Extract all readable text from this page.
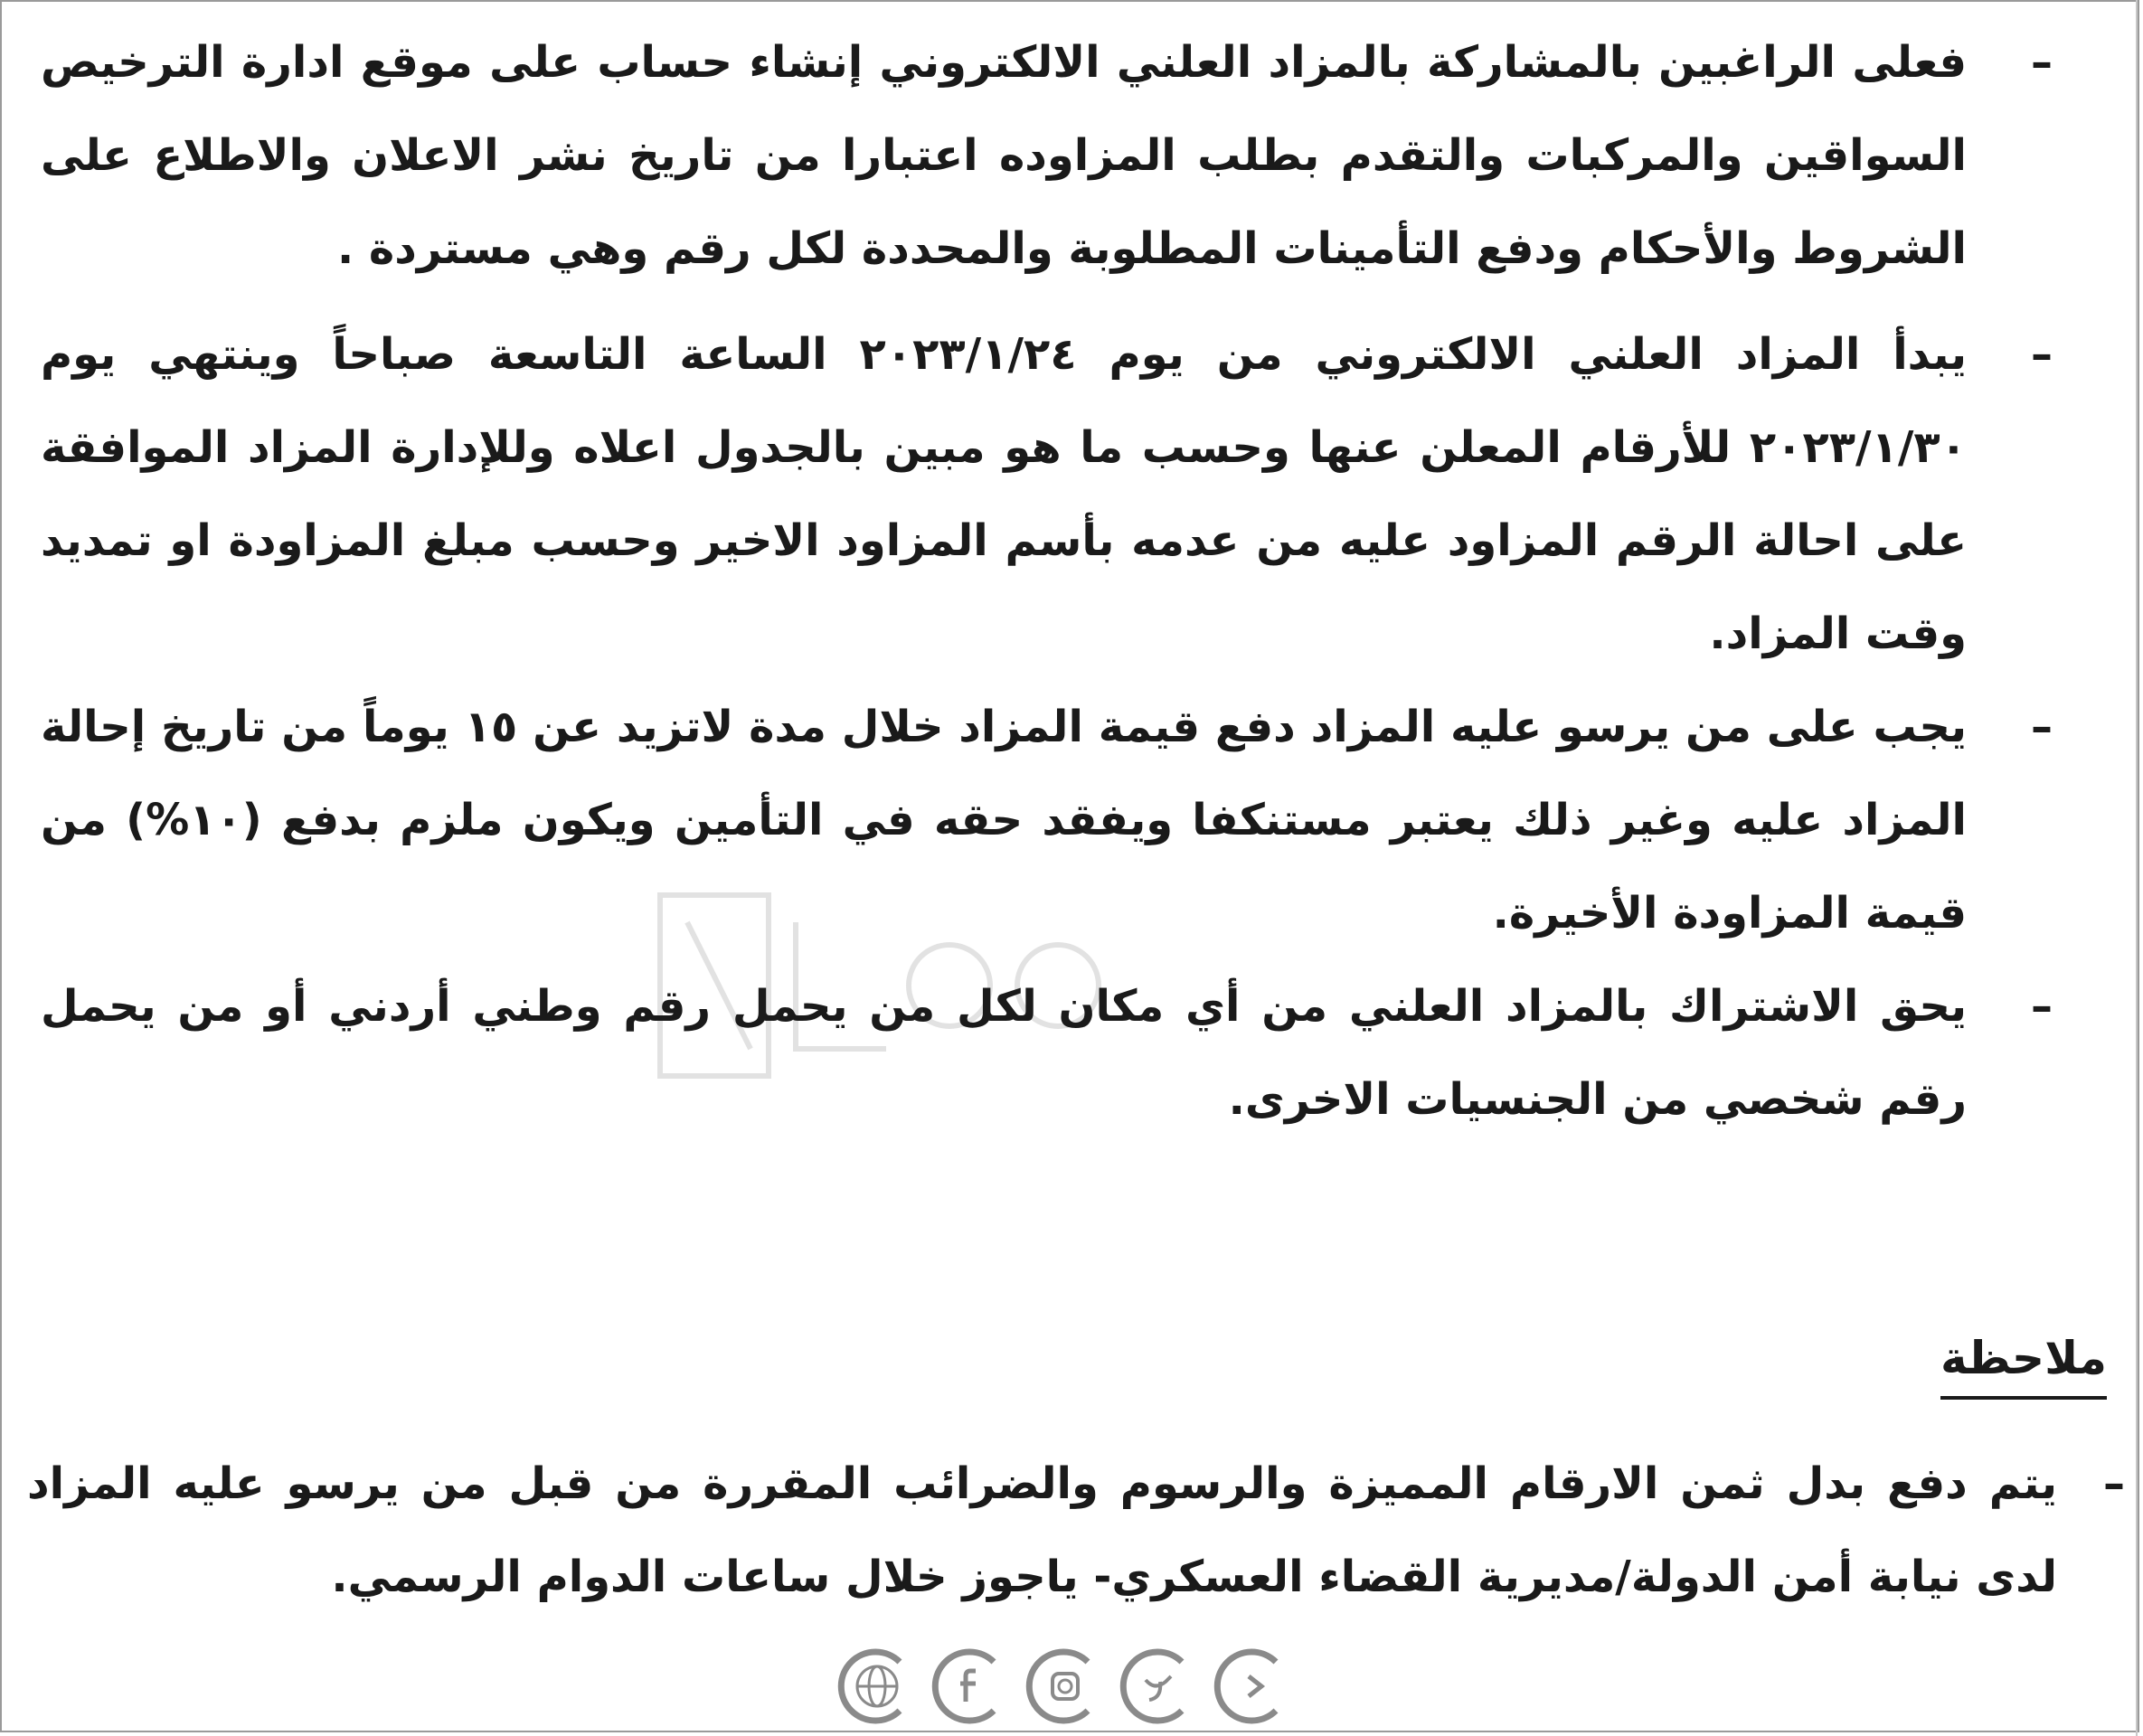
–
فعلى الراغبين بالمشاركة بالمزاد العلني الالكتروني إنشاء حساب على موقع ادارة الترخيص السواقين والمركبات والتقدم بطلب المزاوده اعتبارا من تاريخ نشر الاعلان والاطلاع على الشروط والأحكام ودفع التأمينات المطلوبة والمحددة لكل رقم وهي مستردة .
–
يبدأ المزاد العلني الالكتروني من يوم ٢٠٢٣/١/٢٤ الساعة التاسعة صباحاً وينتهي يوم ٢٠٢٣/١/٣٠ للأرقام المعلن عنها وحسب ما هو مبين بالجدول اعلاه وللإدارة المزاد الموافقة على احالة الرقم المزاود عليه من عدمه بأسم المزاود الاخير وحسب مبلغ المزاودة او تمديد وقت المزاد.
–
يجب على من يرسو عليه المزاد دفع قيمة المزاد خلال مدة لاتزيد عن ١٥ يوماً من تاريخ إحالة المزاد عليه وغير ذلك يعتبر مستنكفا ويفقد حقه في التأمين ويكون ملزم بدفع (١٠%) من قيمة المزاودة الأخيرة.
–
يحق الاشتراك بالمزاد العلني من أي مكان لكل من يحمل رقم وطني أردني أو من يحمل رقم شخصي من الجنسيات الاخرى.
ملاحظة
–
يتم دفع بدل ثمن الارقام المميزة والرسوم والضرائب المقررة من قبل من يرسو عليه المزاد لدى نيابة أمن الدولة/مديرية القضاء العسكري- ياجوز خلال ساعات الدوام الرسمي.
